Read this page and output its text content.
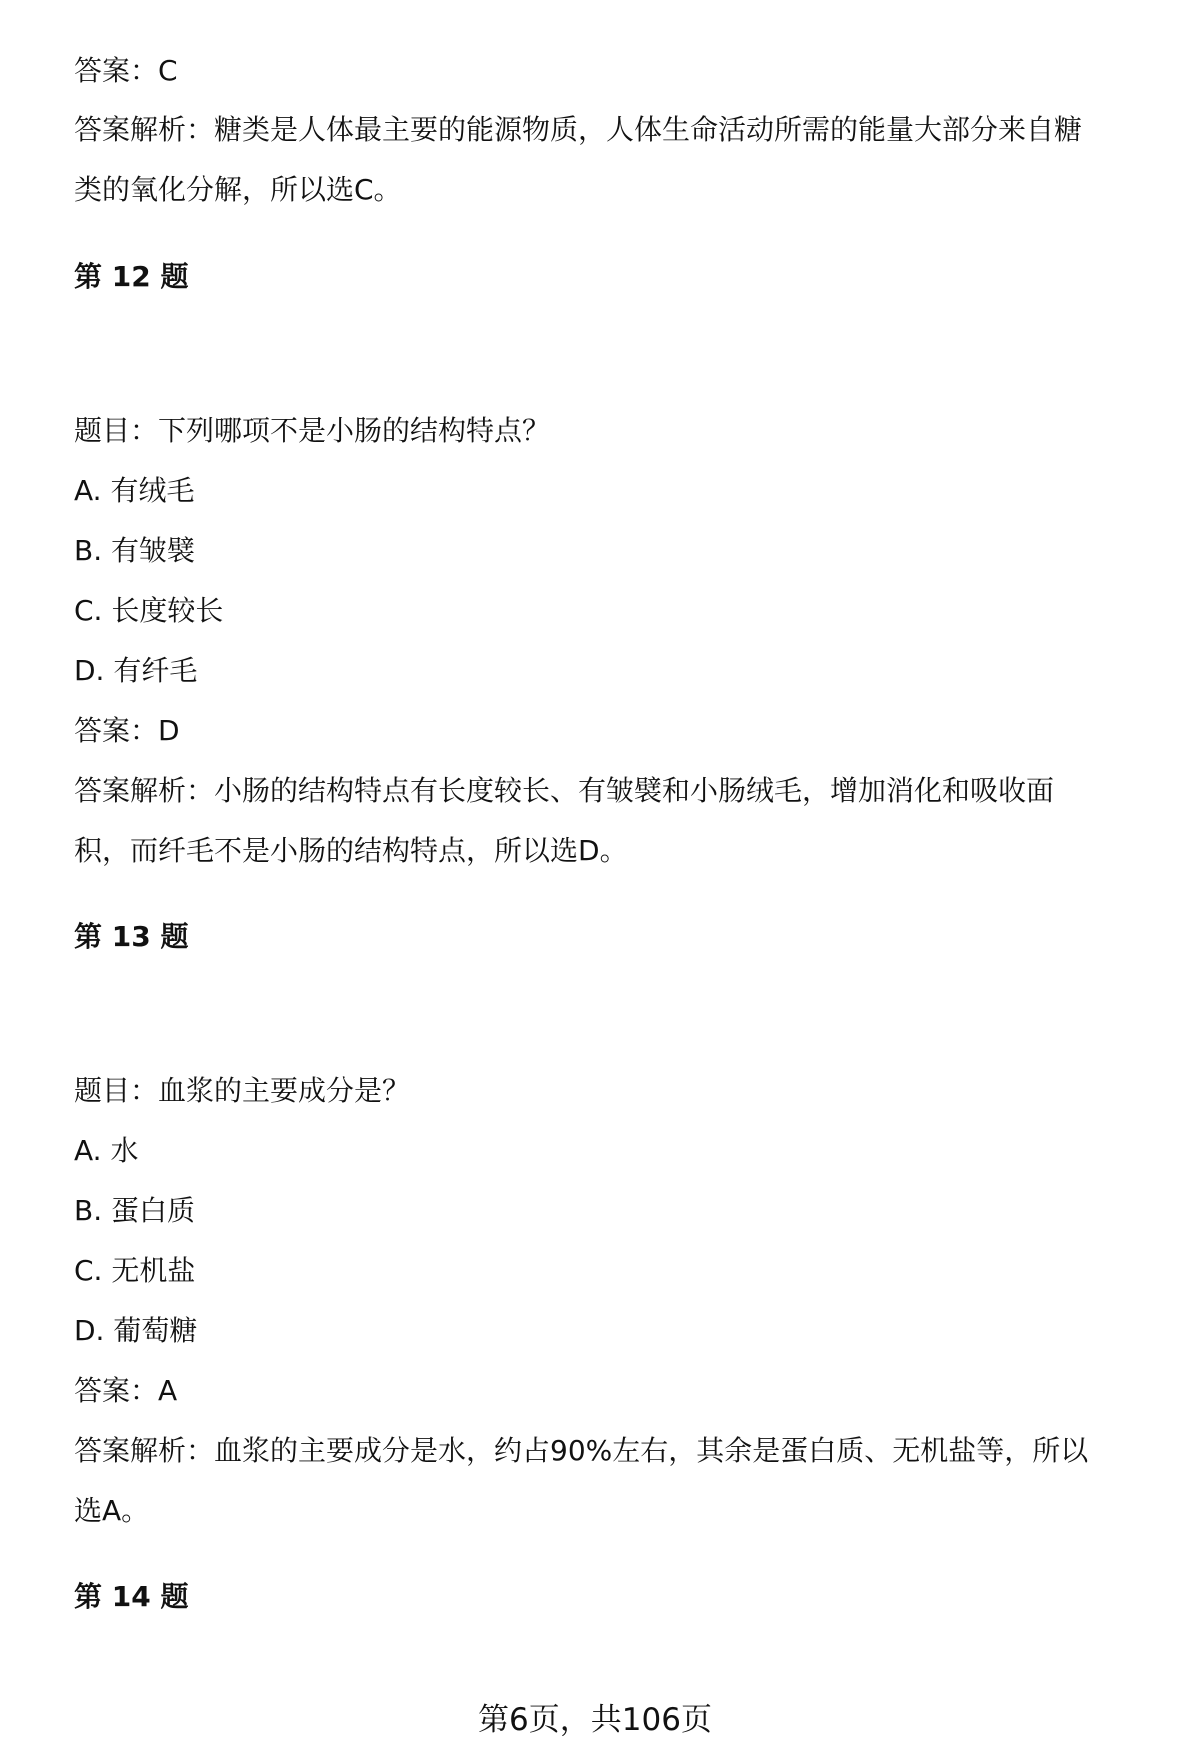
答案：C
答案解析：糖类是人体最主要的能源物质，人体生命活动所需的能量大部分来自糖
类的氧化分解，所以选C。
第 12 题
题目：下列哪项不是小肠的结构特点？
A. 有绒毛
B. 有皱襞
C. 长度较长
D. 有纤毛
答案：D
答案解析：小肠的结构特点有长度较长、有皱襞和小肠绒毛，增加消化和吸收面
积，而纤毛不是小肠的结构特点，所以选D。
第 13 题
题目：血浆的主要成分是？
A. 水
B. 蛋白质
C. 无机盐
D. 葡萄糖
答案：A
答案解析：血浆的主要成分是水，约占90%左右，其余是蛋白质、无机盐等，所以
选A。
第 14 题
第6页，共106页
